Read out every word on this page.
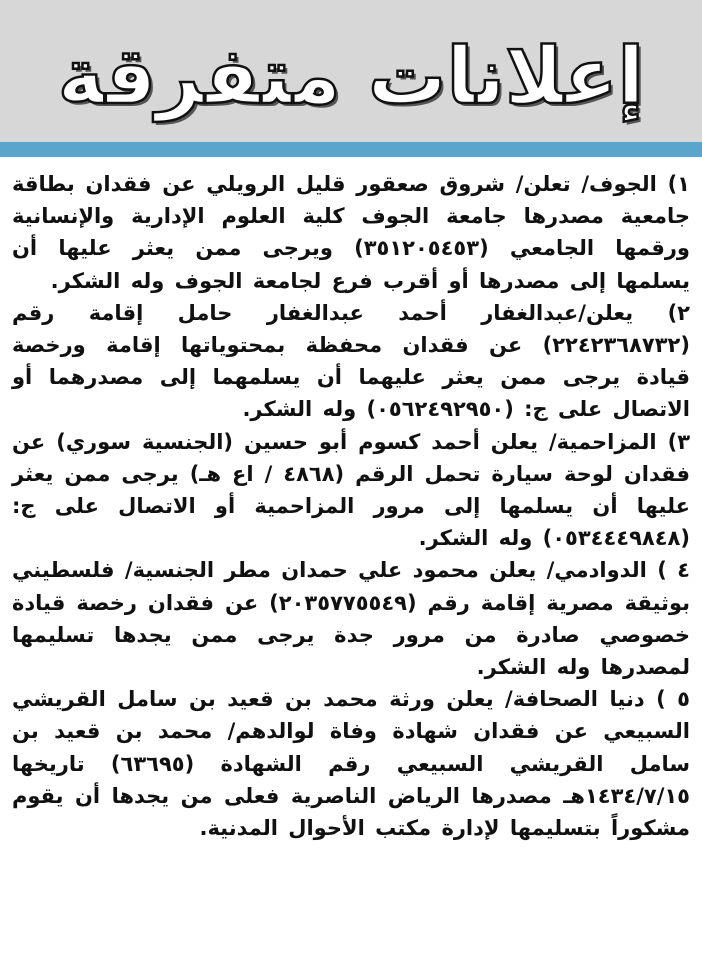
إعلانات متفرقة

١) الجوف/ تعلن/ شروق صعقور قليل الرويلي عن فقدان بطاقة جامعية مصدرها جامعة الجوف كلية العلوم الإدارية والإنسانية ورقمها الجامعي (٣٥١٢٠٥٤٥٣) ويرجى ممن يعثر عليها أن يسلمها إلى مصدرها أو أقرب فرع لجامعة الجوف وله الشكر.

٢) يعلن/عبدالغفار أحمد عبدالغفار حامل إقامة رقم (٢٢٤٢٣٦٨٧٣٢) عن فقدان محفظة بمحتوياتها إقامة ورخصة قيادة يرجى ممن يعثر عليهما أن يسلمهما إلى مصدرهما أو الاتصال على ج: (٠٥٦٢٤٩٢٩٥٠) وله الشكر.

٣) المزاحمية/ يعلن أحمد كسوم أبو حسين (الجنسية سوري) عن فقدان لوحة سيارة تحمل الرقم (٤٨٦٨ / اع هـ) يرجى ممن يعثر عليها أن يسلمها إلى مرور المزاحمية أو الاتصال على ج: (٠٥٣٤٤٤٩٨٤٨) وله الشكر.

٤ ) الدوادمي/ يعلن محمود علي حمدان مطر الجنسية/ فلسطيني بوثيقة مصرية إقامة رقم (٢٠٣٥٧٧٥٥٤٩) عن فقدان رخصة قيادة خصوصي صادرة من مرور جدة يرجى ممن يجدها تسليمها لمصدرها وله الشكر.

٥ ) دنيا الصحافة/ يعلن ورثة محمد بن قعيد بن سامل القريشي السبيعي عن فقدان شهادة وفاة لوالدهم/ محمد بن قعيد بن سامل القريشي السبيعي رقم الشهادة (٦٣٦٩٥) تاريخها ١٤٣٤/٧/١٥هـ مصدرها الرياض الناصرية فعلى من يجدها أن يقوم مشكوراً بتسليمها لإدارة مكتب الأحوال المدنية.
